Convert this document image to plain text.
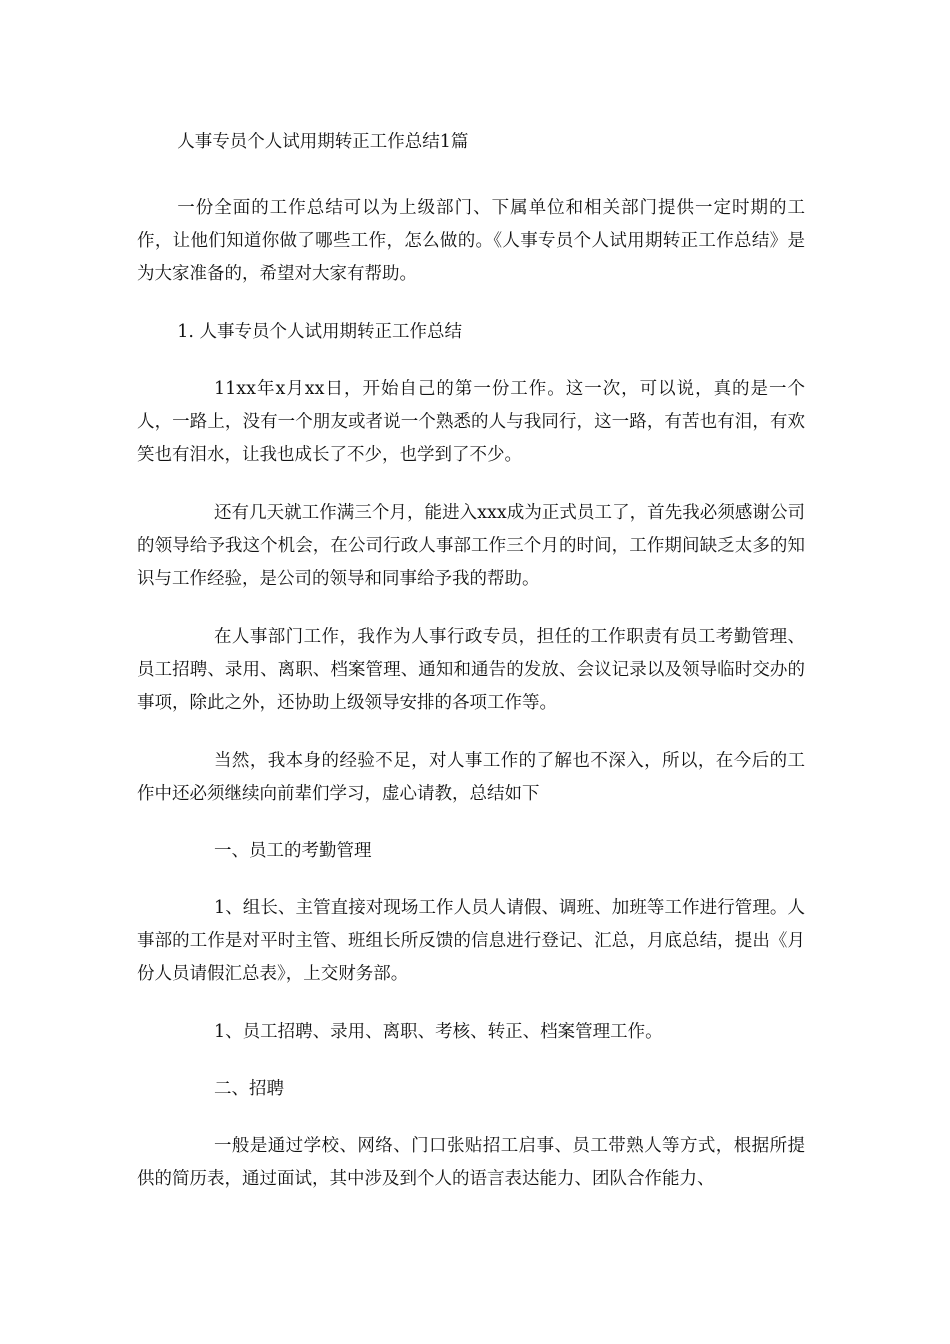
人事专员个人试用期转正工作总结1篇

一份全面的工作总结可以为上级部门、下属单位和相关部门提供一定时期的工作，让他们知道你做了哪些工作，怎么做的。《人事专员个人试用期转正工作总结》是为大家准备的，希望对大家有帮助。

1. 人事专员个人试用期转正工作总结

11xx年x月xx日，开始自己的第一份工作。这一次，可以说，真的是一个人，一路上，没有一个朋友或者说一个熟悉的人与我同行，这一路，有苦也有泪，有欢笑也有泪水，让我也成长了不少，也学到了不少。

还有几天就工作满三个月，能进入xxx成为正式员工了，首先我必须感谢公司的领导给予我这个机会，在公司行政人事部工作三个月的时间，工作期间缺乏太多的知识与工作经验，是公司的领导和同事给予我的帮助。

在人事部门工作，我作为人事行政专员，担任的工作职责有员工考勤管理、员工招聘、录用、离职、档案管理、通知和通告的发放、会议记录以及领导临时交办的事项，除此之外，还协助上级领导安排的各项工作等。

当然，我本身的经验不足，对人事工作的了解也不深入，所以，在今后的工作中还必须继续向前辈们学习，虚心请教，总结如下

一、员工的考勤管理

1、组长、主管直接对现场工作人员人请假、调班、加班等工作进行管理。人事部的工作是对平时主管、班组长所反馈的信息进行登记、汇总，月底总结，提出《月份人员请假汇总表》，上交财务部。

1、员工招聘、录用、离职、考核、转正、档案管理工作。

二、招聘

一般是通过学校、网络、门口张贴招工启事、员工带熟人等方式，根据所提供的简历表，通过面试，其中涉及到个人的语言表达能力、团队合作能力、
